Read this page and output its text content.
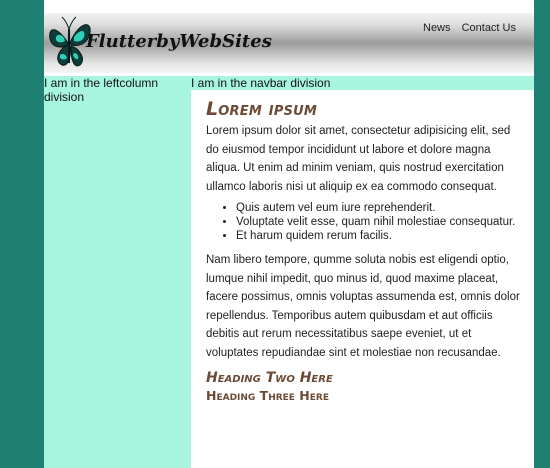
FlutterbyWebSites
News Contact Us
I am in the leftcolumn division
I am in the navbar division
Lorem ipsum

Lorem ipsum dolor sit amet, consectetur adipisicing elit, sed do eiusmod tempor incididunt ut labore et dolore magna aliqua. Ut enim ad minim veniam, quis nostrud exercitation ullamco laboris nisi ut aliquip ex ea commodo consequat.

• Quis autem vel eum iure reprehenderit.
• Voluptate velit esse, quam nihil molestiae consequatur.
• Et harum quidem rerum facilis.

Nam libero tempore, qumme soluta nobis est eligendi optio, lumque nihil impedit, quo minus id, quod maxime placeat, facere possimus, omnis voluptas assumenda est, omnis dolor repellendus. Temporibus autem quibusdam et aut officiis debitis aut rerum necessitatibus saepe eveniet, ut et voluptates repudiandae sint et molestiae non recusandae.

Heading Two Here
Heading Three Here
